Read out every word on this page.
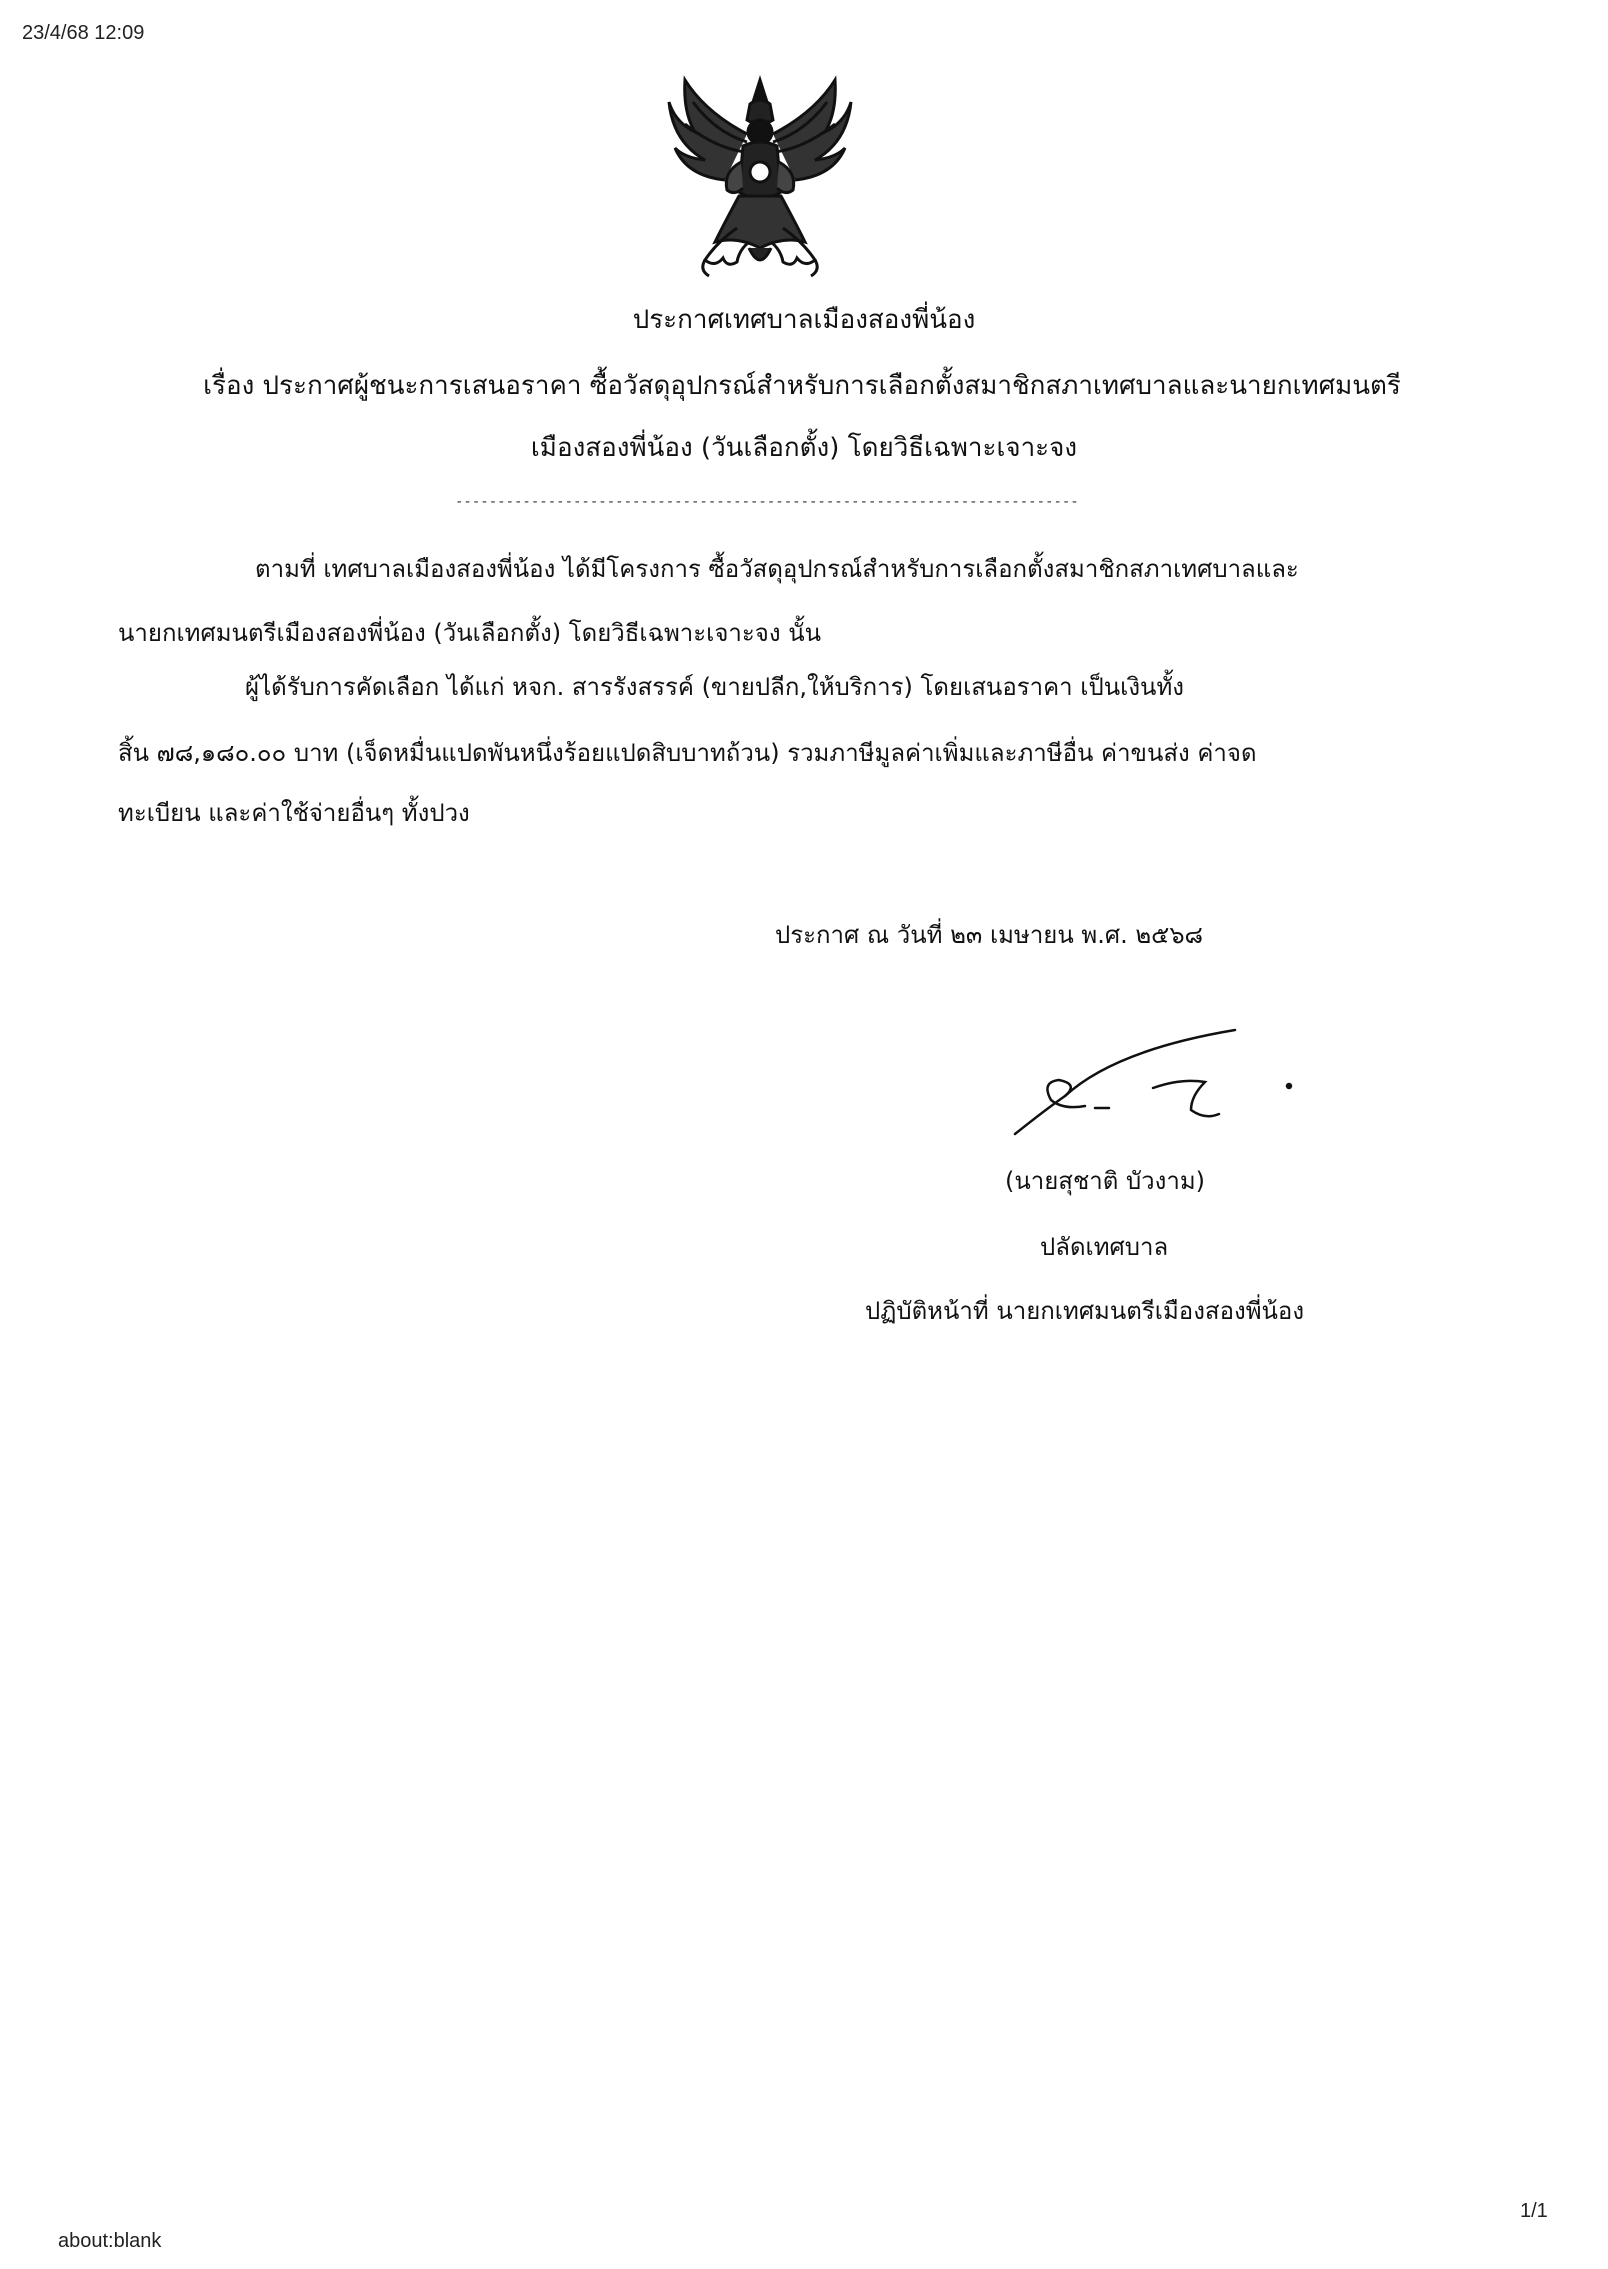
23/4/68 12:09
ประกาศเทศบาลเมืองสองพี่น้อง
เรื่อง ประกาศผู้ชนะการเสนอราคา ซื้อวัสดุอุปกรณ์สำหรับการเลือกตั้งสมาชิกสภาเทศบาลและนายกเทศมนตรี
เมืองสองพี่น้อง (วันเลือกตั้ง) โดยวิธีเฉพาะเจาะจง
--------------------------------------------------------------------------
ตามที่ เทศบาลเมืองสองพี่น้อง ได้มีโครงการ ซื้อวัสดุอุปกรณ์สำหรับการเลือกตั้งสมาชิกสภาเทศบาลและ
นายกเทศมนตรีเมืองสองพี่น้อง (วันเลือกตั้ง) โดยวิธีเฉพาะเจาะจง นั้น
ผู้ได้รับการคัดเลือก ได้แก่ หจก. สารรังสรรค์ (ขายปลีก,ให้บริการ) โดยเสนอราคา เป็นเงินทั้ง
สิ้น ๗๘,๑๘๐.๐๐ บาท (เจ็ดหมื่นแปดพันหนึ่งร้อยแปดสิบบาทถ้วน) รวมภาษีมูลค่าเพิ่มและภาษีอื่น ค่าขนส่ง ค่าจด
ทะเบียน และค่าใช้จ่ายอื่นๆ ทั้งปวง
ประกาศ ณ วันที่ ๒๓ เมษายน พ.ศ. ๒๕๖๘
(นายสุชาติ บัวงาม)
ปลัดเทศบาล
ปฏิบัติหน้าที่ นายกเทศมนตรีเมืองสองพี่น้อง
1/1
about:blank
